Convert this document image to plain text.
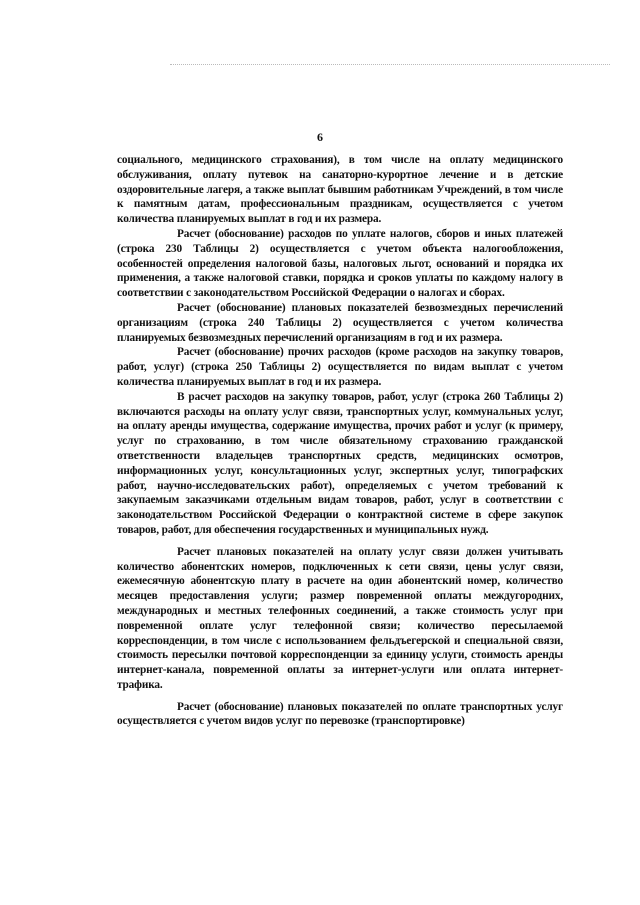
6

социального, медицинского страхования), в том числе на оплату медицинского обслуживания, оплату путевок на санаторно-курортное лечение и в детские оздоровительные лагеря, а также выплат бывшим работникам Учреждений, в том числе к памятным датам, профессиональным праздникам, осуществляется с учетом количества планируемых выплат в год и их размера.

Расчет (обоснование) расходов по уплате налогов, сборов и иных платежей (строка 230 Таблицы 2) осуществляется с учетом объекта налогообложения, особенностей определения налоговой базы, налоговых льгот, оснований и порядка их применения, а также налоговой ставки, порядка и сроков уплаты по каждому налогу в соответствии с законодательством Российской Федерации о налогах и сборах.

Расчет (обоснование) плановых показателей безвозмездных перечислений организациям (строка 240 Таблицы 2) осуществляется с учетом количества планируемых безвозмездных перечислений организациям в год и их размера.

Расчет (обоснование) прочих расходов (кроме расходов на закупку товаров, работ, услуг) (строка 250 Таблицы 2) осуществляется по видам выплат с учетом количества планируемых выплат в год и их размера.

В расчет расходов на закупку товаров, работ, услуг (строка 260 Таблицы 2) включаются расходы на оплату услуг связи, транспортных услуг, коммунальных услуг, на оплату аренды имущества, содержание имущества, прочих работ и услуг (к примеру, услуг по страхованию, в том числе обязательному страхованию гражданской ответственности владельцев транспортных средств, медицинских осмотров, информационных услуг, консультационных услуг, экспертных услуг, типографских работ, научно-исследовательских работ), определяемых с учетом требований к закупаемым заказчиками отдельным видам товаров, работ, услуг в соответствии с законодательством Российской Федерации о контрактной системе в сфере закупок товаров, работ, для обеспечения государственных и муниципальных нужд.

Расчет плановых показателей на оплату услуг связи должен учитывать количество абонентских номеров, подключенных к сети связи, цены услуг связи, ежемесячную абонентскую плату в расчете на один абонентский номер, количество месяцев предоставления услуги; размер повременной оплаты междугородних, международных и местных телефонных соединений, а также стоимость услуг при повременной оплате услуг телефонной связи; количество пересылаемой корреспонденции, в том числе с использованием фельдъегерской и специальной связи, стоимость пересылки почтовой корреспонденции за единицу услуги, стоимость аренды интернет-канала, повременной оплаты за интернет-услуги или оплата интернет-трафика.

Расчет (обоснование) плановых показателей по оплате транспортных услуг осуществляется с учетом видов услуг по перевозке (транспортировке)
